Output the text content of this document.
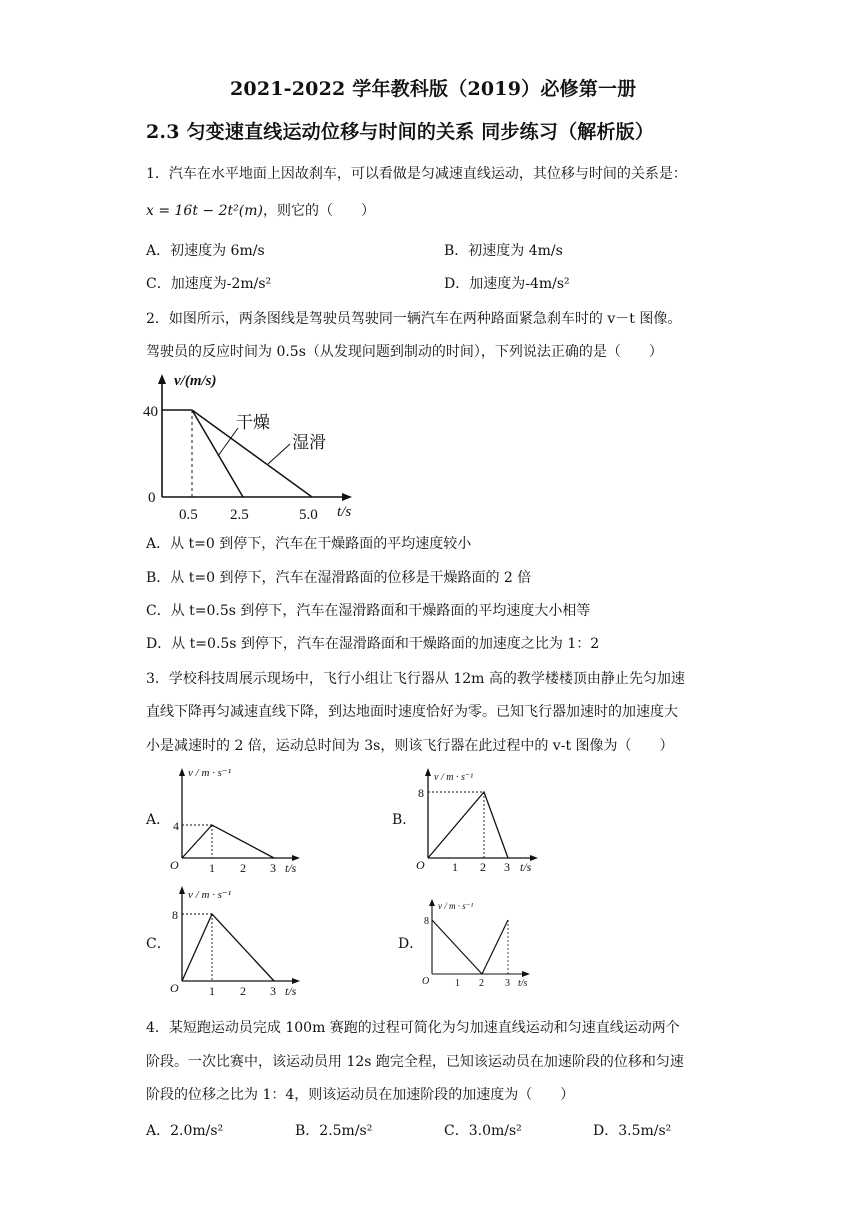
2021-2022 学年教科版（2019）必修第一册
2.3 匀变速直线运动位移与时间的关系 同步练习（解析版）
1．汽车在水平地面上因故刹车，可以看做是匀减速直线运动，其位移与时间的关系是：
x = 16t − 2t²(m)，则它的（　　）
A．初速度为 6m/s	B．初速度为 4m/s
C．加速度为-2m/s²	D．加速度为-4m/s²
2．如图所示，两条图线是驾驶员驾驶同一辆汽车在两种路面紧急刹车时的 v－t 图像。
驾驶员的反应时间为 0.5s（从发现问题到制动的时间），下列说法正确的是（　　）
v/(m/s)
40
0
0.5 2.5	5.0 t/s
干燥
湿滑
A．从 t=0 到停下，汽车在干燥路面的平均速度较小
B．从 t=0 到停下，汽车在湿滑路面的位移是干燥路面的 2 倍
C．从 t=0.5s 到停下，汽车在湿滑路面和干燥路面的平均速度大小相等
D．从 t=0.5s 到停下，汽车在湿滑路面和干燥路面的加速度之比为 1：2
3．学校科技周展示现场中，飞行小组让飞行器从 12m 高的教学楼楼顶由静止先匀加速
直线下降再匀减速直线下降，到达地面时速度恰好为零。已知飞行器加速时的加速度大
小是减速时的 2 倍，运动总时间为 3s，则该飞行器在此过程中的 v-t 图像为（　　）
A．
v / m · s⁻¹
4
O	1 2 3 t/s
B．
v / m · s⁻¹
8
O 1 2 3 t/s
C．
v / m · s⁻¹
8
O	1 2 3 t/s
D．
v / m · s⁻¹
8
O	1 2 3 t/s
4．某短跑运动员完成 100m 赛跑的过程可简化为匀加速直线运动和匀速直线运动两个
阶段。一次比赛中，该运动员用 12s 跑完全程，已知该运动员在加速阶段的位移和匀速
阶段的位移之比为 1：4，则该运动员在加速阶段的加速度为（　　）
A．2.0m/s²	B．2.5m/s²	C．3.0m/s²	D．3.5m/s²
